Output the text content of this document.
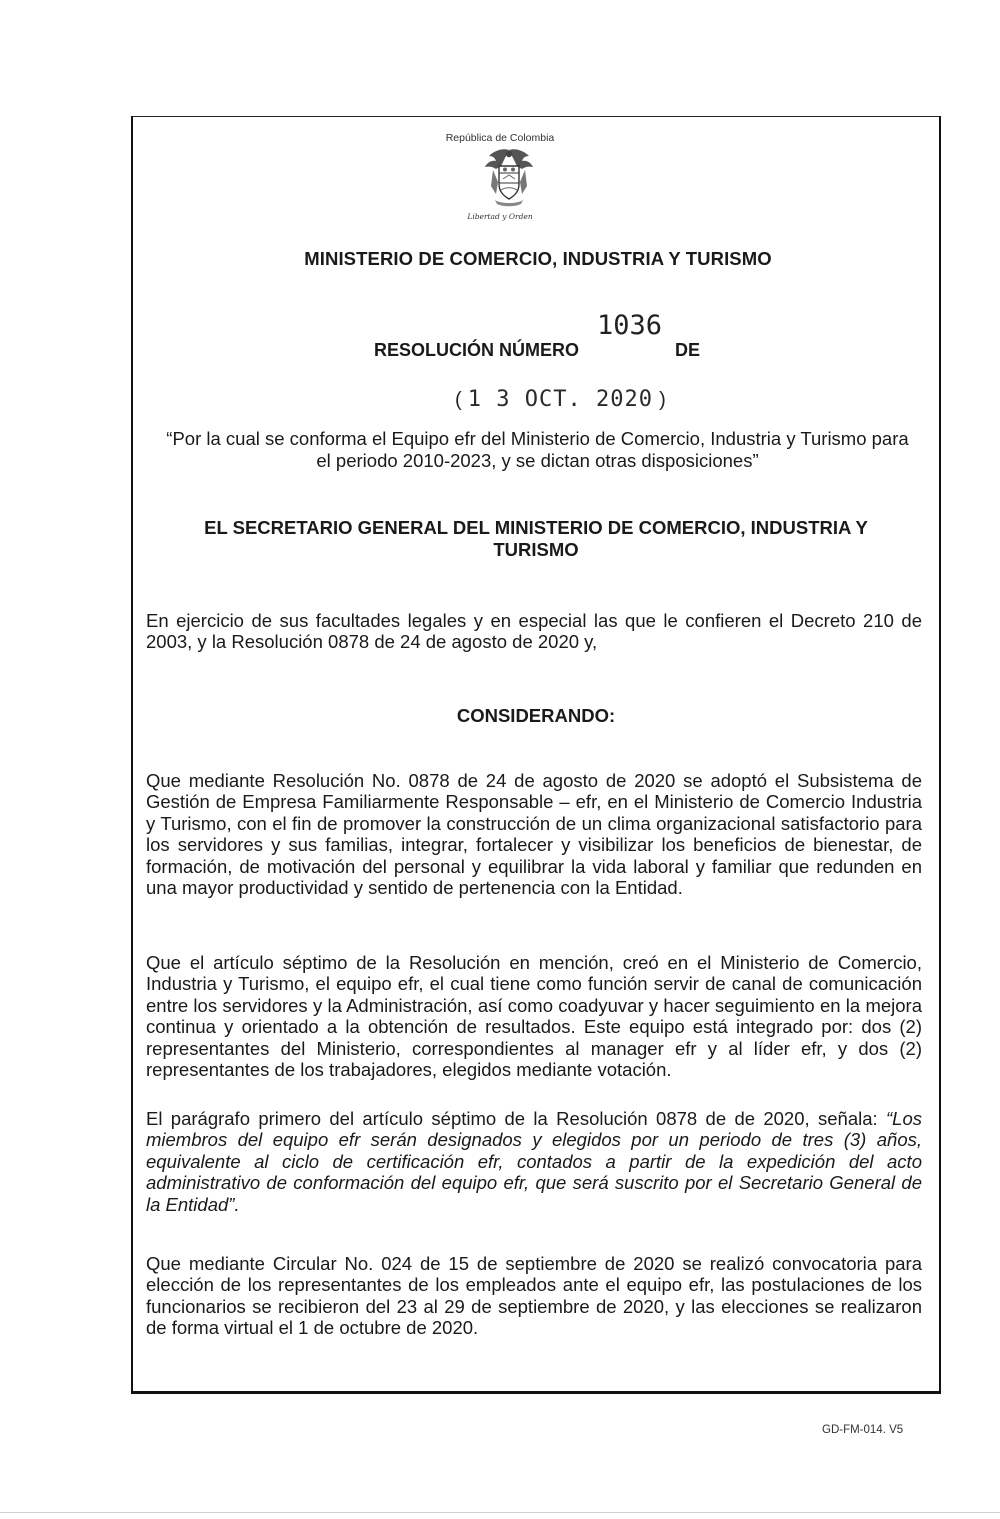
República de Colombia
Libertad y Orden
MINISTERIO DE COMERCIO, INDUSTRIA Y TURISMO
1036
RESOLUCIÓN NÚMERO	DE
( 1 3 OCT. 2020 )
“Por la cual se conforma el Equipo efr del Ministerio de Comercio, Industria y Turismo para el periodo 2010-2023, y se dictan otras disposiciones”
EL SECRETARIO GENERAL DEL MINISTERIO DE COMERCIO, INDUSTRIA Y TURISMO
En ejercicio de sus facultades legales y en especial las que le confieren el Decreto 210 de 2003, y la Resolución 0878 de 24 de agosto de 2020 y,
CONSIDERANDO:
Que mediante Resolución No. 0878 de 24 de agosto de 2020 se adoptó el Subsistema de Gestión de Empresa Familiarmente Responsable – efr, en el Ministerio de Comercio Industria y Turismo, con el fin de promover la construcción de un clima organizacional satisfactorio para los servidores y sus familias, integrar, fortalecer y visibilizar los beneficios de bienestar, de formación, de motivación del personal y equilibrar la vida laboral y familiar que redunden en una mayor productividad y sentido de pertenencia con la Entidad.
Que el artículo séptimo de la Resolución en mención, creó en el Ministerio de Comercio, Industria y Turismo, el equipo efr, el cual tiene como función servir de canal de comunicación entre los servidores y la Administración, así como coadyuvar y hacer seguimiento en la mejora continua y orientado a la obtención de resultados. Este equipo está integrado por: dos (2) representantes del Ministerio, correspondientes al manager efr y al líder efr, y dos (2) representantes de los trabajadores, elegidos mediante votación.
El parágrafo primero del artículo séptimo de la Resolución 0878 de de 2020, señala: “Los miembros del equipo efr serán designados y elegidos por un periodo de tres (3) años, equivalente al ciclo de certificación efr, contados a partir de la expedición del acto administrativo de conformación del equipo efr, que será suscrito por el Secretario General de la Entidad”.
Que mediante Circular No. 024 de 15 de septiembre de 2020 se realizó convocatoria para elección de los representantes de los empleados ante el equipo efr, las postulaciones de los funcionarios se recibieron del 23 al 29 de septiembre de 2020, y las elecciones se realizaron de forma virtual el 1 de octubre de 2020.
GD-FM-014. V5
